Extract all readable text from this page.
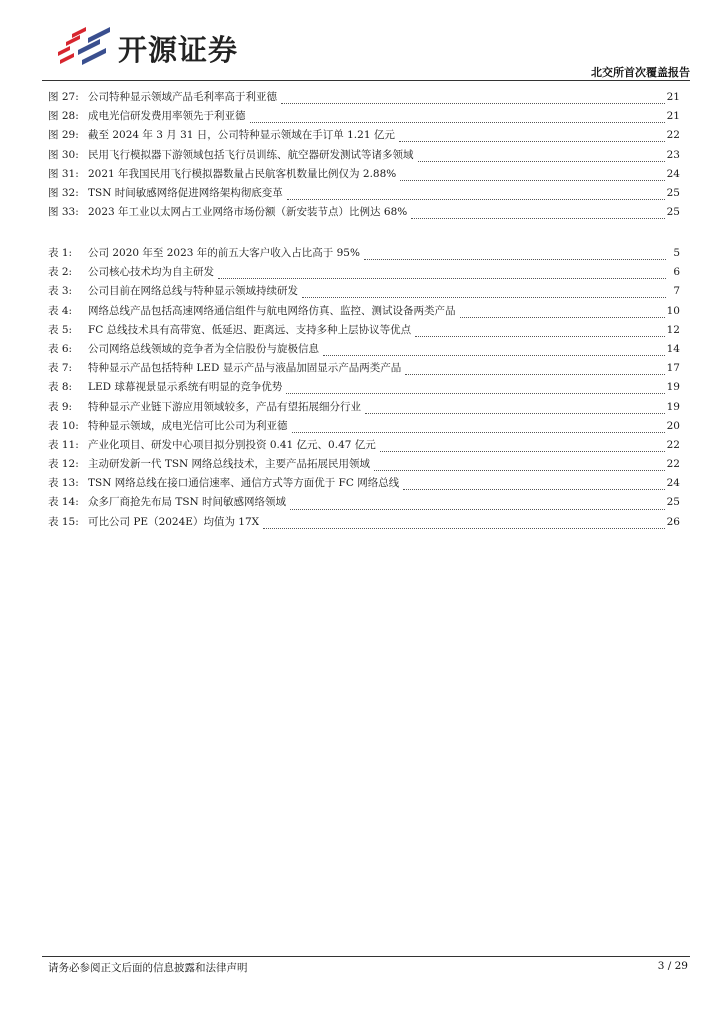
开源证券
北交所首次覆盖报告
图 27: 公司特种显示领域产品毛利率高于利亚德	21
图 28: 成电光信研发费用率领先于利亚德	21
图 29: 截至 2024 年 3 月 31 日，公司特种显示领域在手订单 1.21 亿元	22
图 30: 民用飞行模拟器下游领域包括飞行员训练、航空器研发测试等诸多领域	23
图 31: 2021 年我国民用飞行模拟器数量占民航客机数量比例仅为 2.88%	24
图 32: TSN 时间敏感网络促进网络架构彻底变革	25
图 33: 2023 年工业以太网占工业网络市场份额（新安装节点）比例达 68%	25
表 1:	公司 2020 年至 2023 年的前五大客户收入占比高于 95%	5
表 2:	公司核心技术均为自主研发	6
表 3:	公司目前在网络总线与特种显示领域持续研发	7
表 4:	网络总线产品包括高速网络通信组件与航电网络仿真、监控、测试设备两类产品	10
表 5:	FC 总线技术具有高带宽、低延迟、距离远、支持多种上层协议等优点	12
表 6:	公司网络总线领域的竞争者为全信股份与旋极信息	14
表 7:	特种显示产品包括特种 LED 显示产品与液晶加固显示产品两类产品	17
表 8:	LED 球幕视景显示系统有明显的竞争优势	19
表 9:	特种显示产业链下游应用领域较多，产品有望拓展细分行业	19
表 10: 特种显示领域，成电光信可比公司为利亚德	20
表 11: 产业化项目、研发中心项目拟分别投资 0.41 亿元、0.47 亿元	22
表 12: 主动研发新一代 TSN 网络总线技术，主要产品拓展民用领域	22
表 13: TSN 网络总线在接口通信速率、通信方式等方面优于 FC 网络总线	24
表 14: 众多厂商抢先布局 TSN 时间敏感网络领域	25
表 15: 可比公司 PE（2024E）均值为 17X	26
请务必参阅正文后面的信息披露和法律声明	3 / 29
